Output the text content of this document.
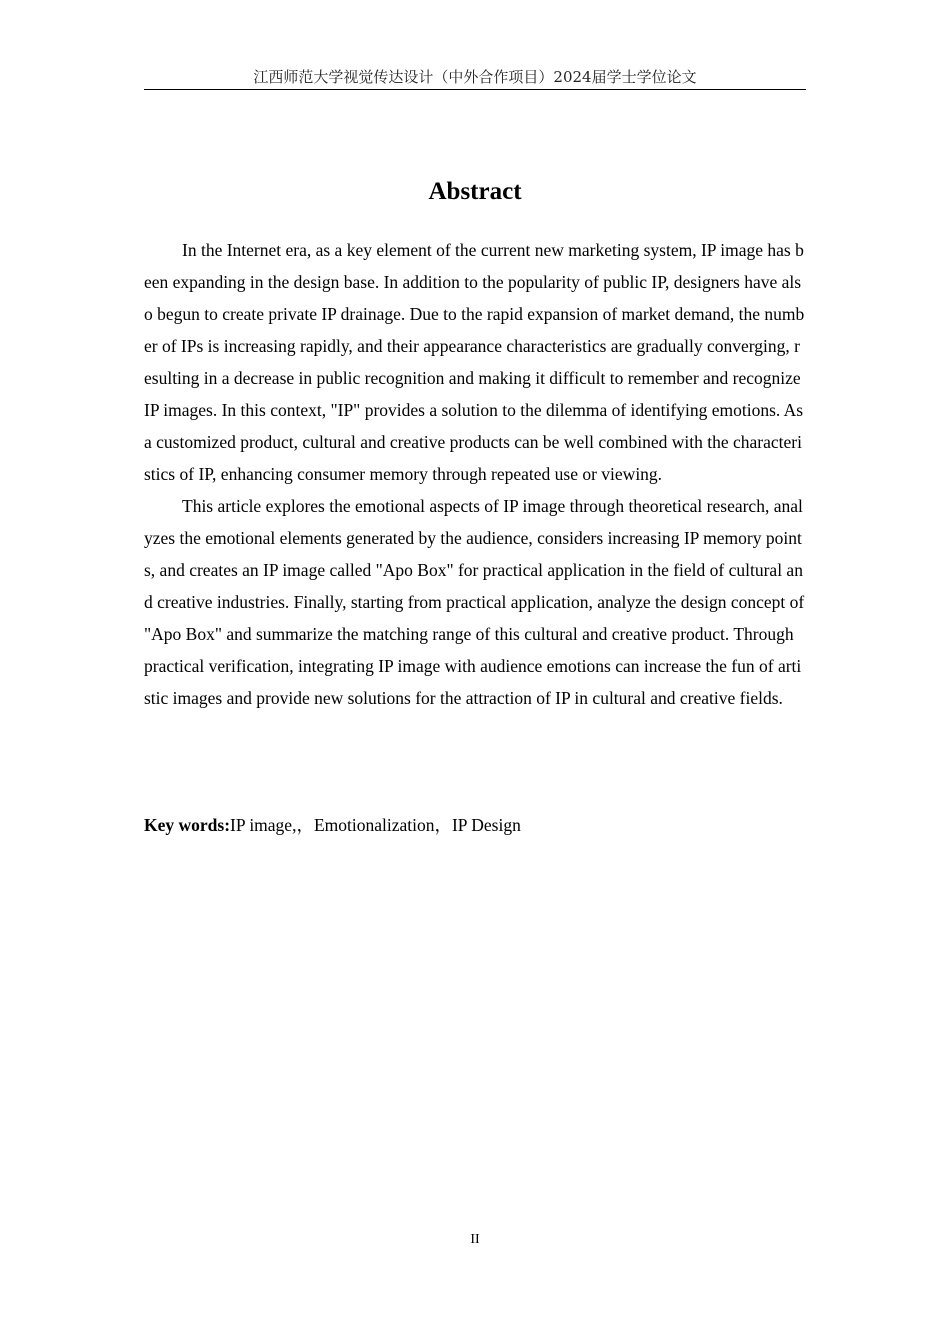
江西师范大学视觉传达设计（中外合作项目）2024届学士学位论文
Abstract

In the Internet era, as a key element of the current new marketing system, IP image has been expanding in the design base. In addition to the popularity of public IP, designers have also begun to create private IP drainage. Due to the rapid expansion of market demand, the number of IPs is increasing rapidly, and their appearance characteristics are gradually converging, resulting in a decrease in public recognition and making it difficult to remember and recognize IP images. In this context, "IP" provides a solution to the dilemma of identifying emotions. As a customized product, cultural and creative products can be well combined with the characteristics of IP, enhancing consumer memory through repeated use or viewing.

This article explores the emotional aspects of IP image through theoretical research, analyzes the emotional elements generated by the audience, considers increasing IP memory points, and creates an IP image called "Apo Box" for practical application in the field of cultural and creative industries. Finally, starting from practical application, analyze the design concept of "Apo Box" and summarize the matching range of this cultural and creative product. Through practical verification, integrating IP image with audience emotions can increase the fun of artistic images and provide new solutions for the attraction of IP in cultural and creative fields.

Key words:IP image,，Emotionalization，IP Design
II
